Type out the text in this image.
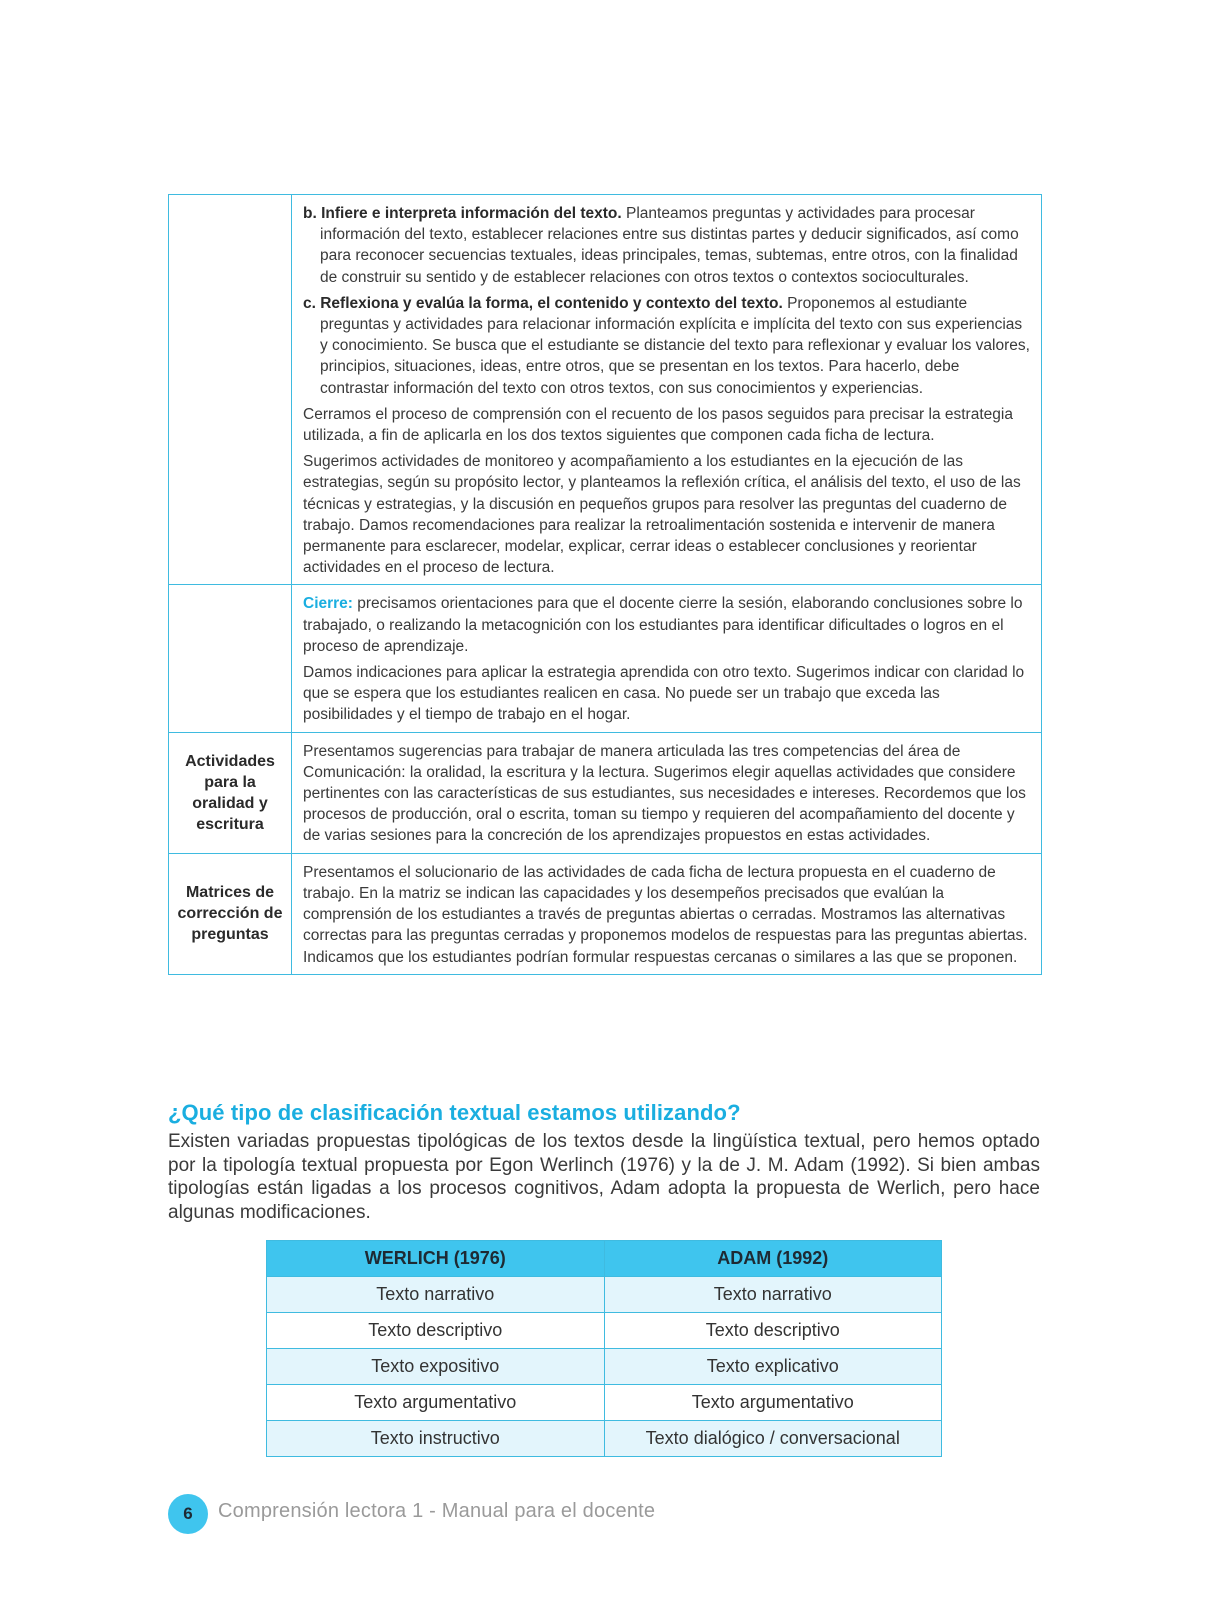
	b. Infiere e interpreta información del texto. Planteamos preguntas y actividades para procesar información del texto, establecer relaciones entre sus distintas partes y deducir significados, así como para reconocer secuencias textuales, ideas principales, temas, subtemas, entre otros, con la finalidad de construir su sentido y de establecer relaciones con otros textos o contextos socioculturales.

c. Reflexiona y evalúa la forma, el contenido y contexto del texto. Proponemos al estudiante preguntas y actividades para relacionar información explícita e implícita del texto con sus experiencias y conocimiento. Se busca que el estudiante se distancie del texto para reflexionar y evaluar los valores, principios, situaciones, ideas, entre otros, que se presentan en los textos. Para hacerlo, debe contrastar información del texto con otros textos, con sus conocimientos y experiencias.

Cerramos el proceso de comprensión con el recuento de los pasos seguidos para precisar la estrategia utilizada, a fin de aplicarla en los dos textos siguientes que componen cada ficha de lectura.

Sugerimos actividades de monitoreo y acompañamiento a los estudiantes en la ejecución de las estrategias, según su propósito lector, y planteamos la reflexión crítica, el análisis del texto, el uso de las técnicas y estrategias, y la discusión en pequeños grupos para resolver las preguntas del cuaderno de trabajo. Damos recomendaciones para realizar la retroalimentación sostenida e intervenir de manera permanente para esclarecer, modelar, explicar, cerrar ideas o establecer conclusiones y reorientar actividades en el proceso de lectura.

	Cierre: precisamos orientaciones para que el docente cierre la sesión, elaborando conclusiones sobre lo trabajado, o realizando la metacognición con los estudiantes para identificar dificultades o logros en el proceso de aprendizaje.

Damos indicaciones para aplicar la estrategia aprendida con otro texto. Sugerimos indicar con claridad lo que se espera que los estudiantes realicen en casa. No puede ser un trabajo que exceda las posibilidades y el tiempo de trabajo en el hogar.

Actividades para la oralidad y escritura	Presentamos sugerencias para trabajar de manera articulada las tres competencias del área de Comunicación: la oralidad, la escritura y la lectura. Sugerimos elegir aquellas actividades que considere pertinentes con las características de sus estudiantes, sus necesidades e intereses. Recordemos que los procesos de producción, oral o escrita, toman su tiempo y requieren del acompañamiento del docente y de varias sesiones para la concreción de los aprendizajes propuestos en estas actividades.

Matrices de corrección de preguntas	Presentamos el solucionario de las actividades de cada ficha de lectura propuesta en el cuaderno de trabajo. En la matriz se indican las capacidades y los desempeños precisados que evalúan la comprensión de los estudiantes a través de preguntas abiertas o cerradas. Mostramos las alternativas correctas para las preguntas cerradas y proponemos modelos de respuestas para las preguntas abiertas. Indicamos que los estudiantes podrían formular respuestas cercanas o similares a las que se proponen.

¿Qué tipo de clasificación textual estamos utilizando?

Existen variadas propuestas tipológicas de los textos desde la lingüística textual, pero hemos optado por la tipología textual propuesta por Egon Werlinch (1976) y la de J. M. Adam (1992). Si bien ambas tipologías están ligadas a los procesos cognitivos, Adam adopta la propuesta de Werlich, pero hace algunas modificaciones.

WERLICH (1976)	ADAM (1992)
Texto narrativo	Texto narrativo
Texto descriptivo	Texto descriptivo
Texto expositivo	Texto explicativo
Texto argumentativo	Texto argumentativo
Texto instructivo	Texto dialógico / conversacional
6	Comprensión lectora 1 - Manual para el docente
